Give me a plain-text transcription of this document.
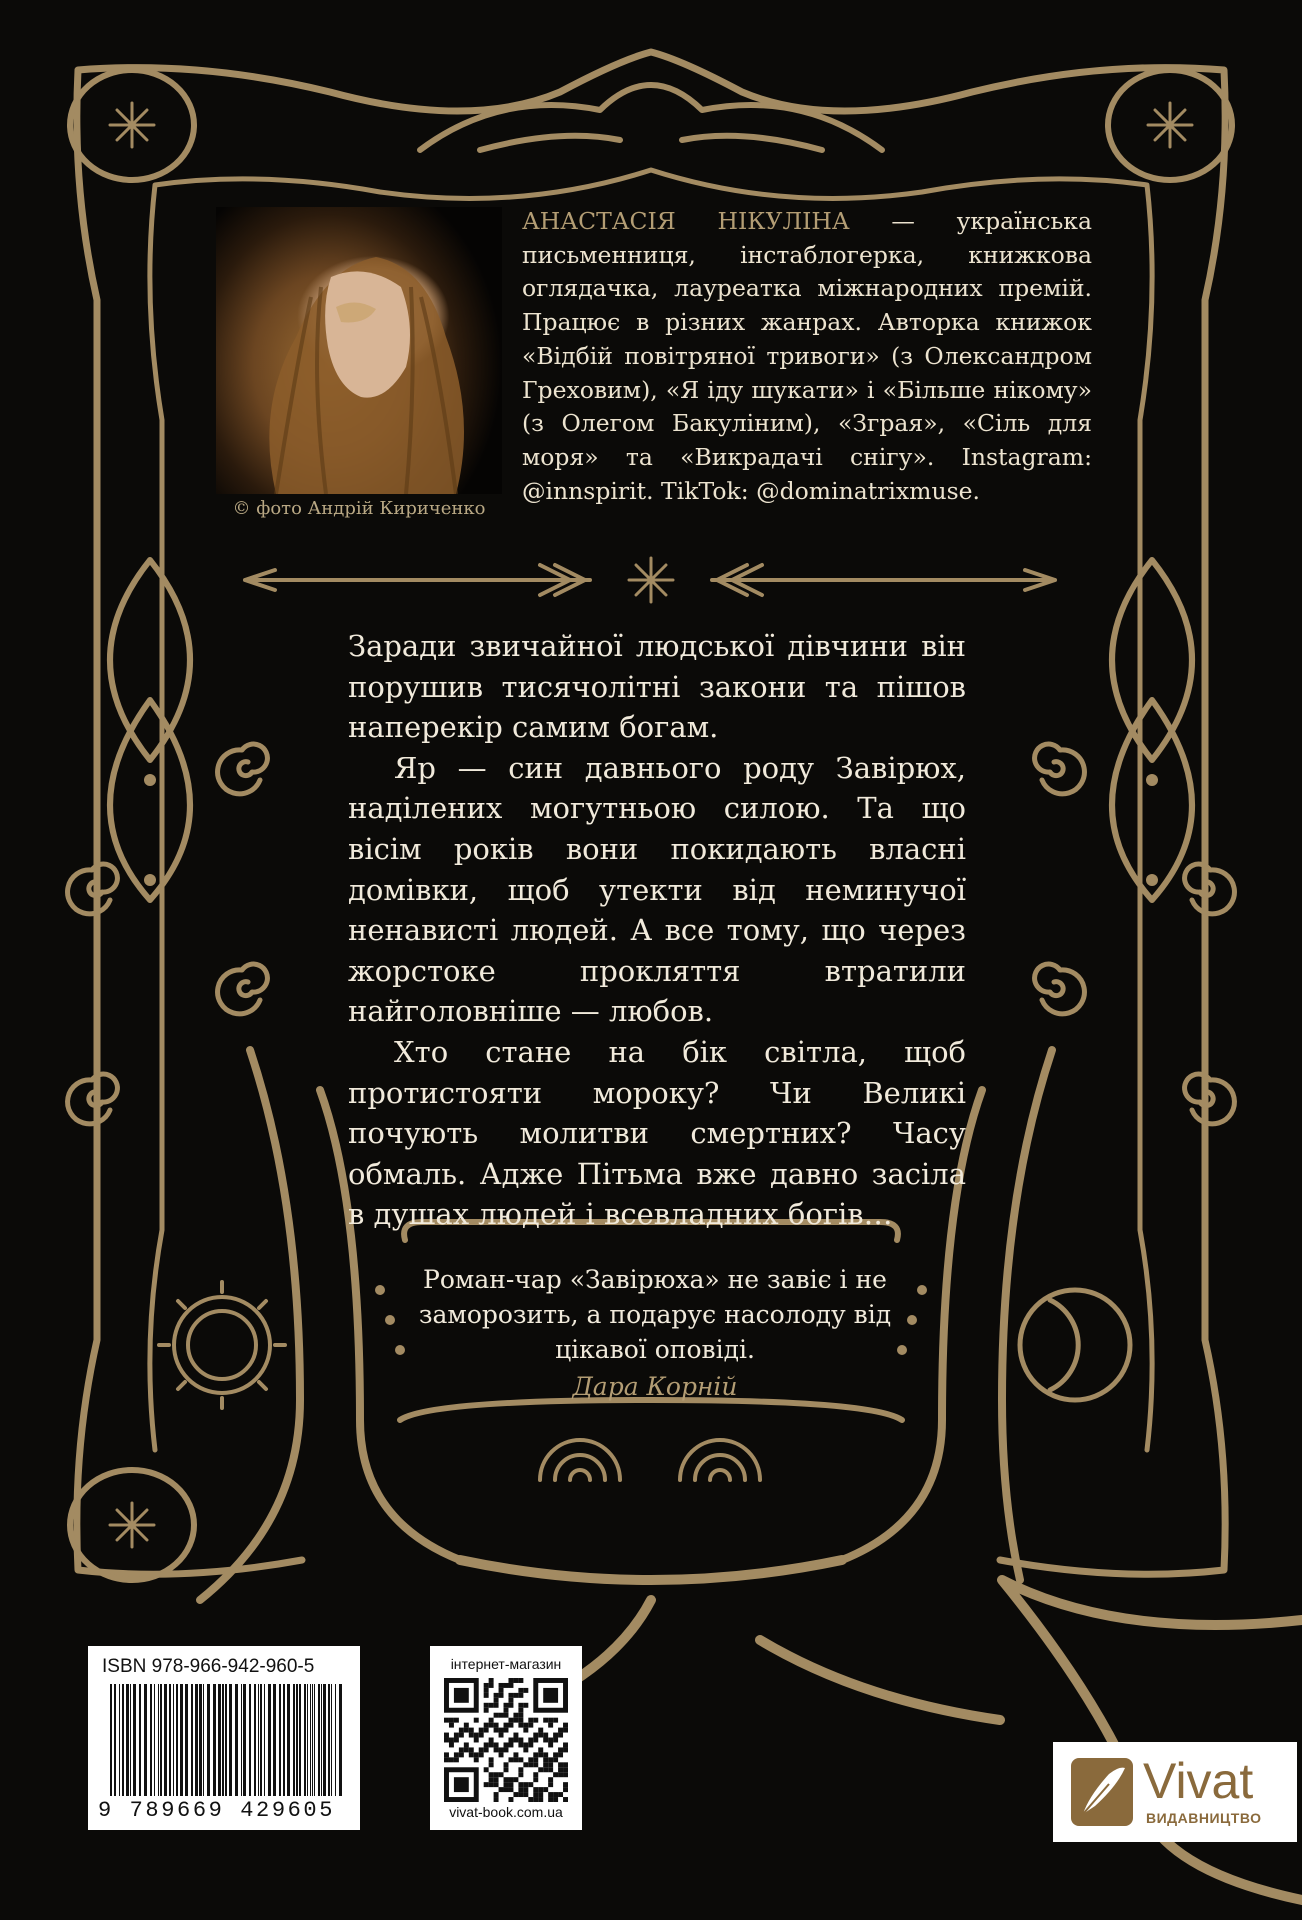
© фото Андрій Кириченко
АНАСТАСІЯ НІКУЛІНА — українська письменниця, інстаблогерка, книжкова оглядачка, лауреатка міжнародних премій. Працює в різних жанрах. Авторка книжок «Відбій повітряної тривоги» (з Олександром Греховим), «Я іду шукати» і «Більше нікому» (з Олегом Бакуліним), «Зграя», «Сіль для моря» та «Викрадачі снігу». Instagram: @innspirit. TikTok: @dominatrixmuse.

Заради звичайної людської дівчини він порушив тисячолітні закони та пішов наперекір самим богам.

Яр — син давнього роду Завірюх, наділених могутньою силою. Та що вісім років вони покидають власні домівки, щоб утекти від неминучої ненависті людей. А все тому, що через жорстоке прокляття втратили найголовніше — любов.

Хто стане на бік світла, щоб протистояти мороку? Чи Великі почують молитви смертних? Часу обмаль. Адже Пітьма вже давно засіла в душах людей і всевладних богів…

Роман-чар «Завірюха» не завіє і не заморозить, а подарує насолоду від цікавої оповіді.
Дара Корній
ISBN 978-966-942-960-5
9 789669 429605
інтернет-магазин
vivat-book.com.ua
Vivat
ВИДАВНИЦТВО
